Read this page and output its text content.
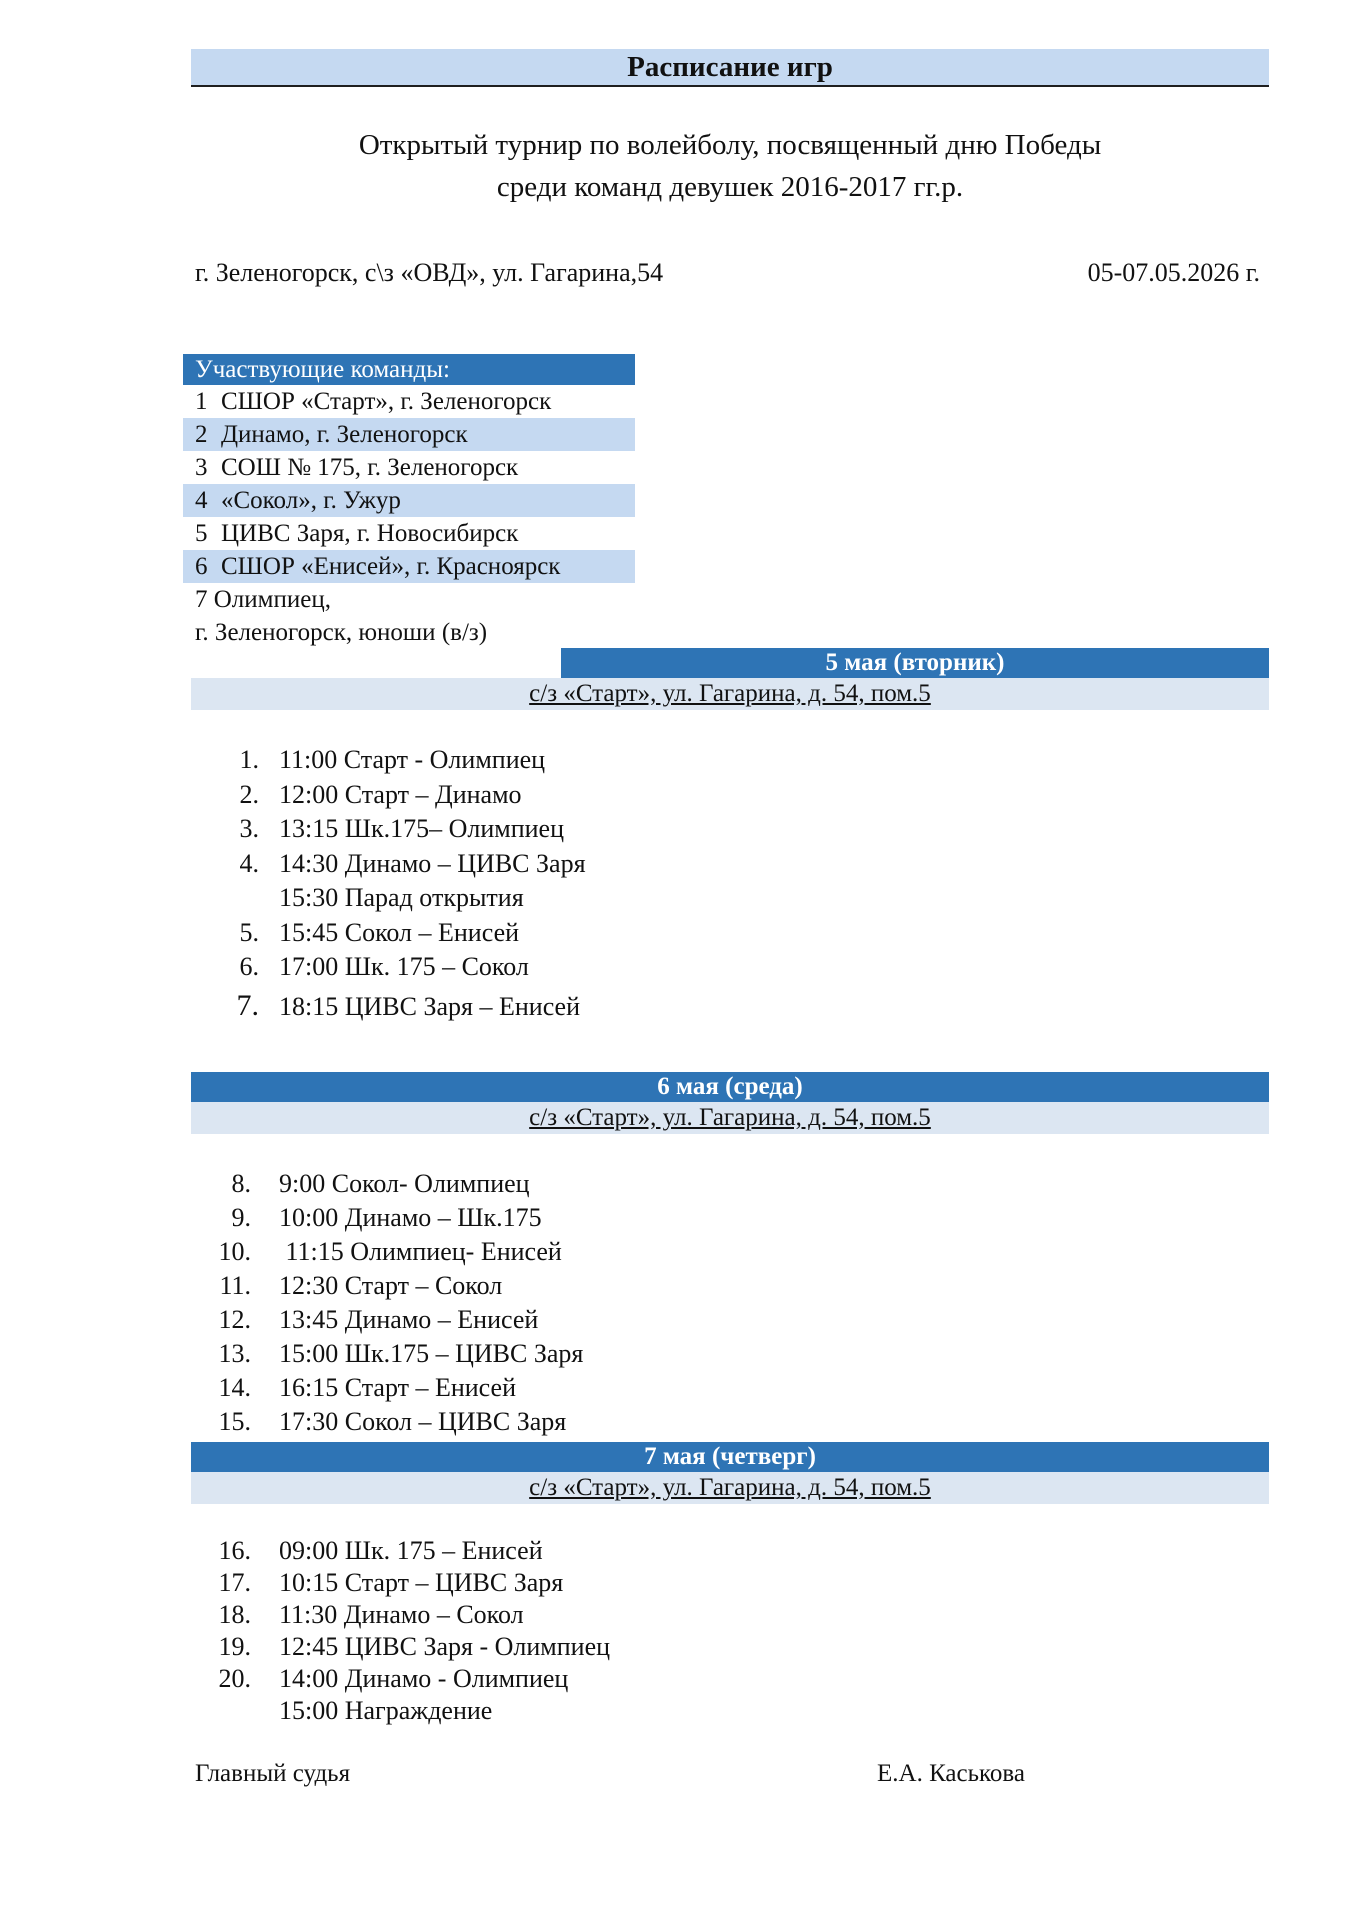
Расписание игр
Открытый турнир по волейболу, посвященный дню Победы
среди команд девушек 2016-2017 гг.р.
г. Зеленогорск, с\з «ОВД», ул. Гагарина,54	05-07.05.2026 г.
Участвующие команды:
1 СШОР «Старт», г. Зеленогорск
2 Динамо, г. Зеленогорск
3 СОШ № 175, г. Зеленогорск
4 «Сокол», г. Ужур
5 ЦИВС Заря, г. Новосибирск
6 СШОР «Енисей», г. Красноярск
7 Олимпиец,
г. Зеленогорск, юноши (в/з)
5 мая (вторник)
с/з «Старт», ул. Гагарина, д. 54, пом.5
1. 11:00 Старт - Олимпиец
2. 12:00 Старт – Динамо
3. 13:15 Шк.175– Олимпиец
4. 14:30 Динамо – ЦИВС Заря
15:30 Парад открытия
5. 15:45 Сокол – Енисей
6. 17:00 Шк. 175 – Сокол
7. 18:15 ЦИВС Заря – Енисей
6 мая (среда)
с/з «Старт», ул. Гагарина, д. 54, пом.5
8.	9:00 Сокол- Олимпиец
9.	10:00 Динамо – Шк.175
10.	11:15 Олимпиец- Енисей
11.	12:30 Старт – Сокол
12.	13:45 Динамо – Енисей
13.	15:00 Шк.175 – ЦИВС Заря
14.	16:15 Старт – Енисей
15.	17:30 Сокол – ЦИВС Заря
7 мая (четверг)
с/з «Старт», ул. Гагарина, д. 54, пом.5
16.	09:00 Шк. 175 – Енисей
17.	10:15 Старт – ЦИВС Заря
18.	11:30 Динамо – Сокол
19.	12:45 ЦИВС Заря - Олимпиец
20.	14:00 Динамо - Олимпиец
15:00 Награждение
Главный судья	Е.А. Каськова
